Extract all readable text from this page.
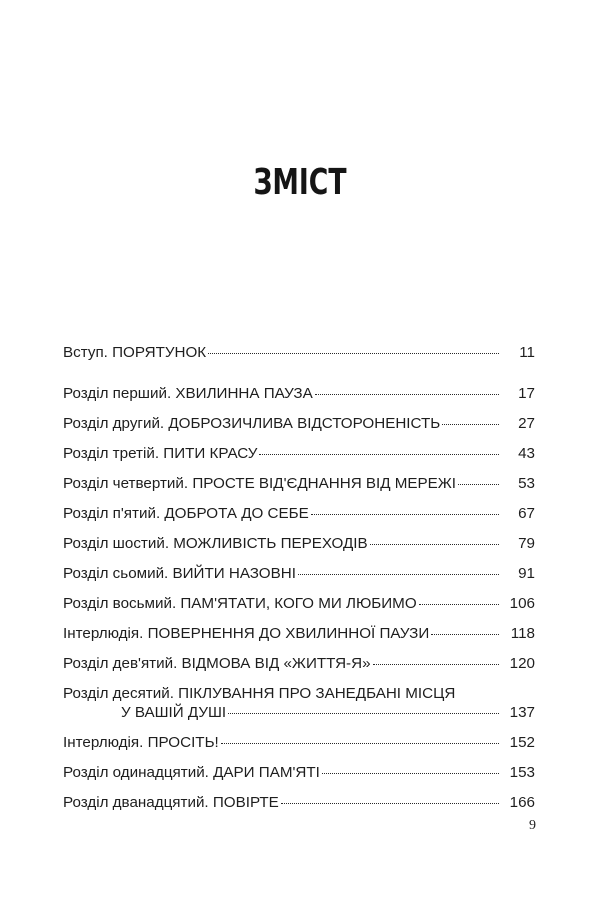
ЗМІСТ
Вступ. ПОРЯТУНОК	11
Розділ перший. ХВИЛИННА ПАУЗА	17
Розділ другий. ДОБРОЗИЧЛИВА ВІДСТОРОНЕНІСТЬ	27
Розділ третій. ПИТИ КРАСУ	43
Розділ четвертий. ПРОСТЕ ВІД'ЄДНАННЯ ВІД МЕРЕЖІ	53
Розділ п'ятий. ДОБРОТА ДО СЕБЕ	67
Розділ шостий. МОЖЛИВІСТЬ ПЕРЕХОДІВ	79
Розділ сьомий. ВИЙТИ НАЗОВНІ	91
Розділ восьмий. ПАМ'ЯТАТИ, КОГО МИ ЛЮБИМО	106
Інтерлюдія. ПОВЕРНЕННЯ ДО ХВИЛИННОЇ ПАУЗИ	118
Розділ дев'ятий. ВІДМОВА ВІД «ЖИТТЯ-Я»	120
Розділ десятий. ПІКЛУВАННЯ ПРО ЗАНЕДБАНІ МІСЦЯ
У ВАШІЙ ДУШІ	137
Інтерлюдія. ПРОСІТЬ!	152
Розділ одинадцятий. ДАРИ ПАМ'ЯТІ	153
Розділ дванадцятий. ПОВІРТЕ	166
9
